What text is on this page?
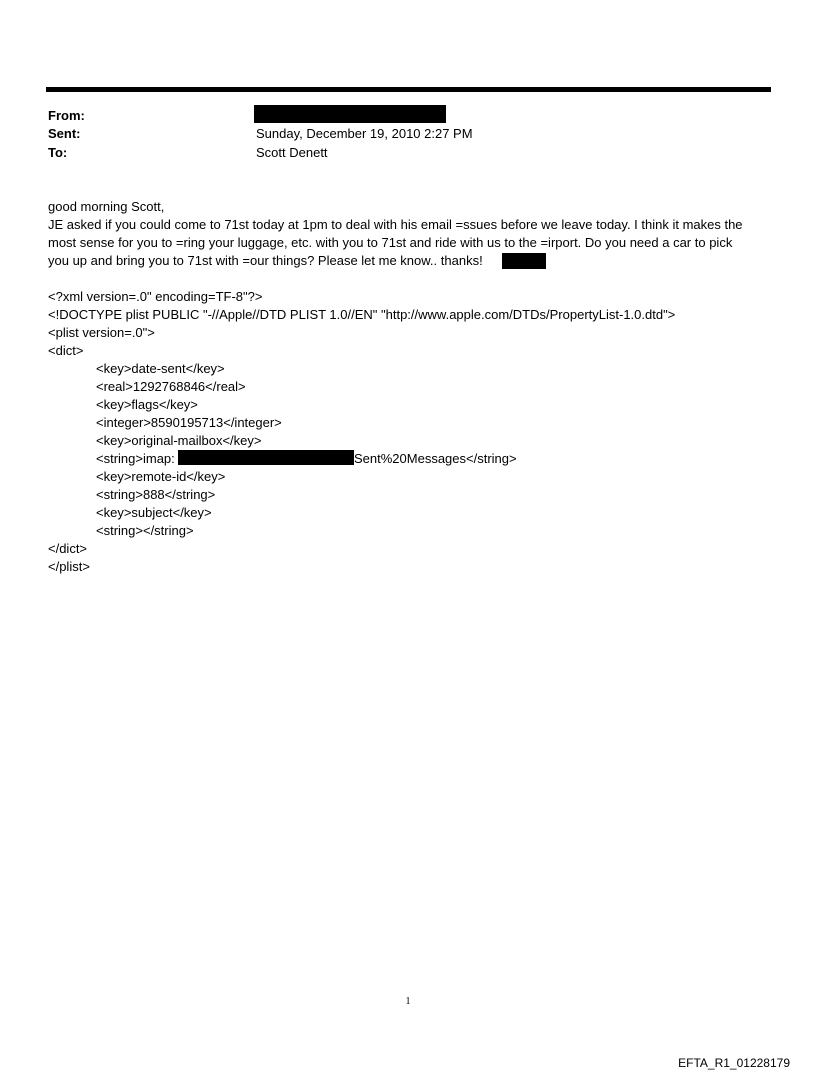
From:
Sent:	Sunday, December 19, 2010 2:27 PM
To:	Scott Denett
good morning Scott,
JE asked if you could come to 71st today at 1pm to deal with his email =ssues before we leave today. I think it makes the
most sense for you to =ring your luggage, etc. with you to 71st and ride with us to the =irport. Do you need a car to pick
you up and bring you to 71st with =our things? Please let me know.. thanks!
<?xml version=.0" encoding=TF-8"?>
<!DOCTYPE plist PUBLIC "-//Apple//DTD PLIST 1.0//EN" "http://www.apple.com/DTDs/PropertyList-1.0.dtd">
<plist version=.0">
<dict>
<key>date-sent</key>
<real>1292768846</real>
<key>flags</key>
<integer>8590195713</integer>
<key>original-mailbox</key>
<string>imap:	Sent%20Messages</string>
<key>remote-id</key>
<string>888</string>
<key>subject</key>
<string></string>
</dict>
</plist>
1
EFTA_R1_01228179
